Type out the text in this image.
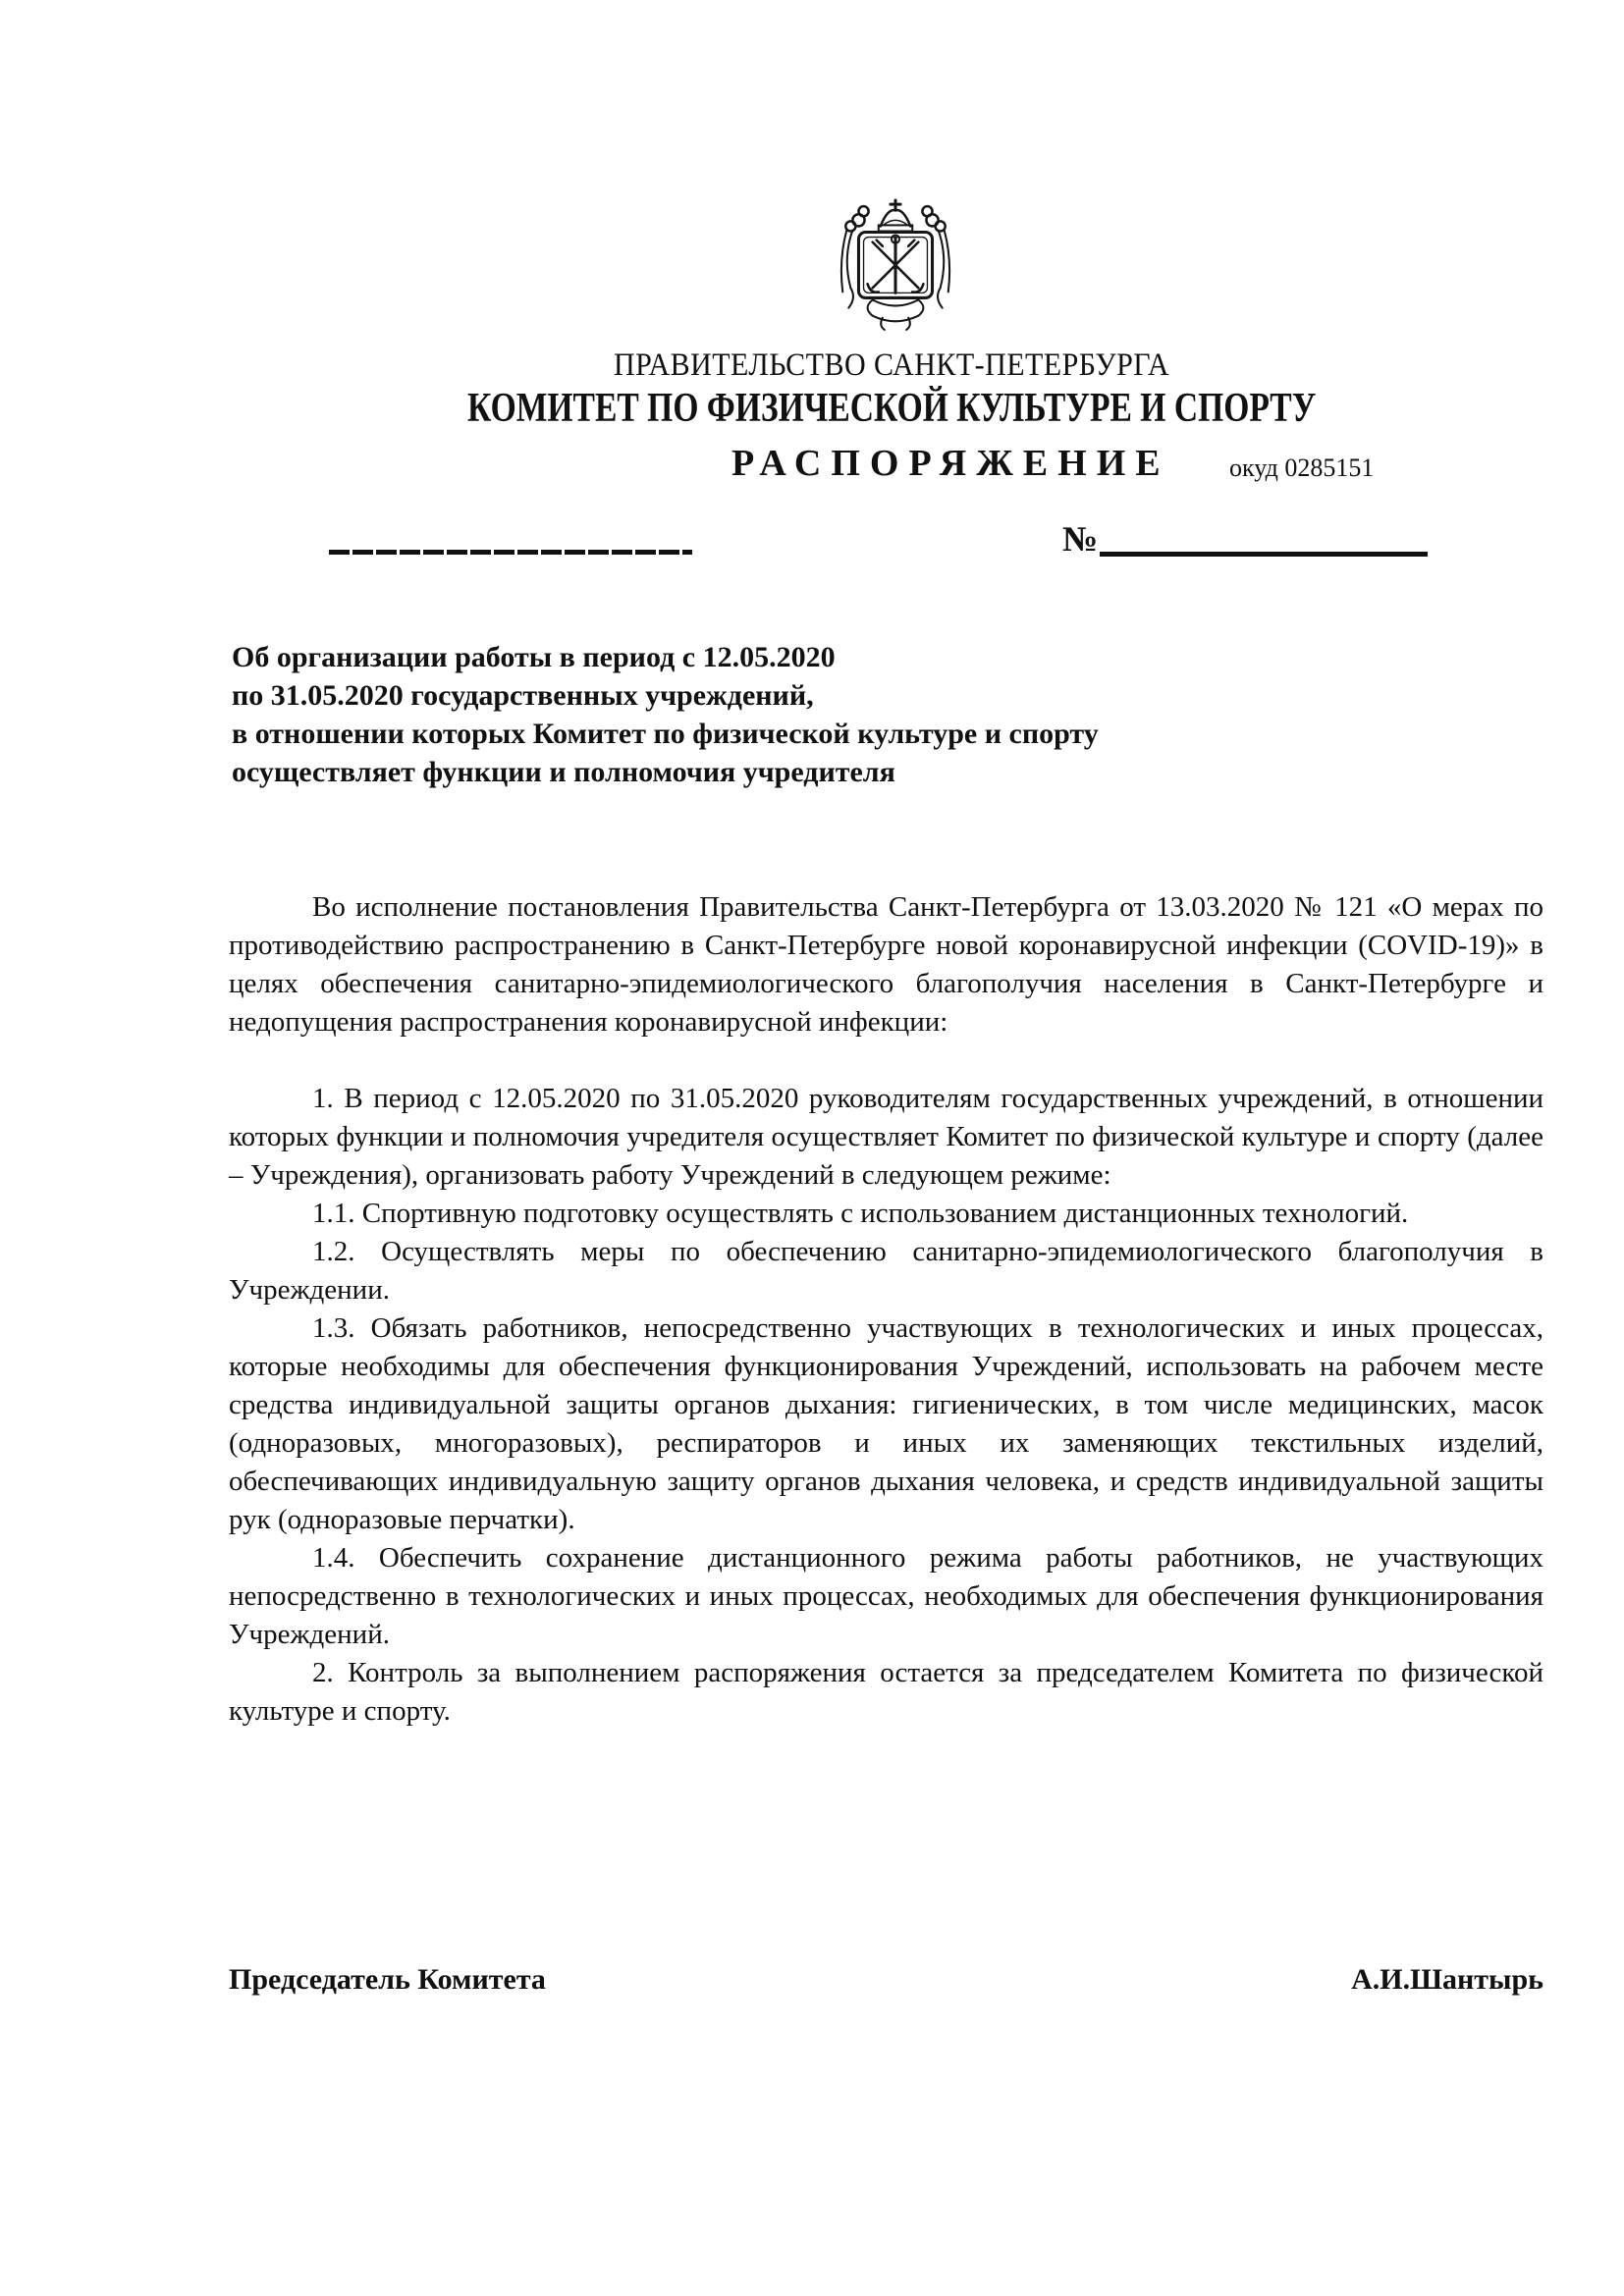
ПРАВИТЕЛЬСТВО САНКТ-ПЕТЕРБУРГА
КОМИТЕТ ПО ФИЗИЧЕСКОЙ КУЛЬТУРЕ И СПОРТУ
РАСПОРЯЖЕНИЕ окуд 0285151
№
Об организации работы в период с 12.05.2020
по 31.05.2020 государственных учреждений,
в отношении которых Комитет по физической культуре и спорту
осуществляет функции и полномочия учредителя

Во исполнение постановления Правительства Санкт-Петербурга от 13.03.2020 № 121 «О мерах по противодействию распространению в Санкт-Петербурге новой коронавирусной инфекции (COVID-19)» в целях обеспечения санитарно-эпидемиологического благополучия населения в Санкт-Петербурге и недопущения распространения коронавирусной инфекции:

1. В период с 12.05.2020 по 31.05.2020 руководителям государственных учреждений, в отношении которых функции и полномочия учредителя осуществляет Комитет по физической культуре и спорту (далее – Учреждения), организовать работу Учреждений в следующем режиме:

1.1. Спортивную подготовку осуществлять с использованием дистанционных технологий.

1.2. Осуществлять меры по обеспечению санитарно-эпидемиологического благополучия в Учреждении.

1.3. Обязать работников, непосредственно участвующих в технологических и иных процессах, которые необходимы для обеспечения функционирования Учреждений, использовать на рабочем месте средства индивидуальной защиты органов дыхания: гигиенических, в том числе медицинских, масок (одноразовых, многоразовых), респираторов и иных их заменяющих текстильных изделий, обеспечивающих индивидуальную защиту органов дыхания человека, и средств индивидуальной защиты рук (одноразовые перчатки).

1.4. Обеспечить сохранение дистанционного режима работы работников, не участвующих непосредственно в технологических и иных процессах, необходимых для обеспечения функционирования Учреждений.

2. Контроль за выполнением распоряжения остается за председателем Комитета по физической культуре и спорту.

Председатель Комитета	А.И.Шантырь
